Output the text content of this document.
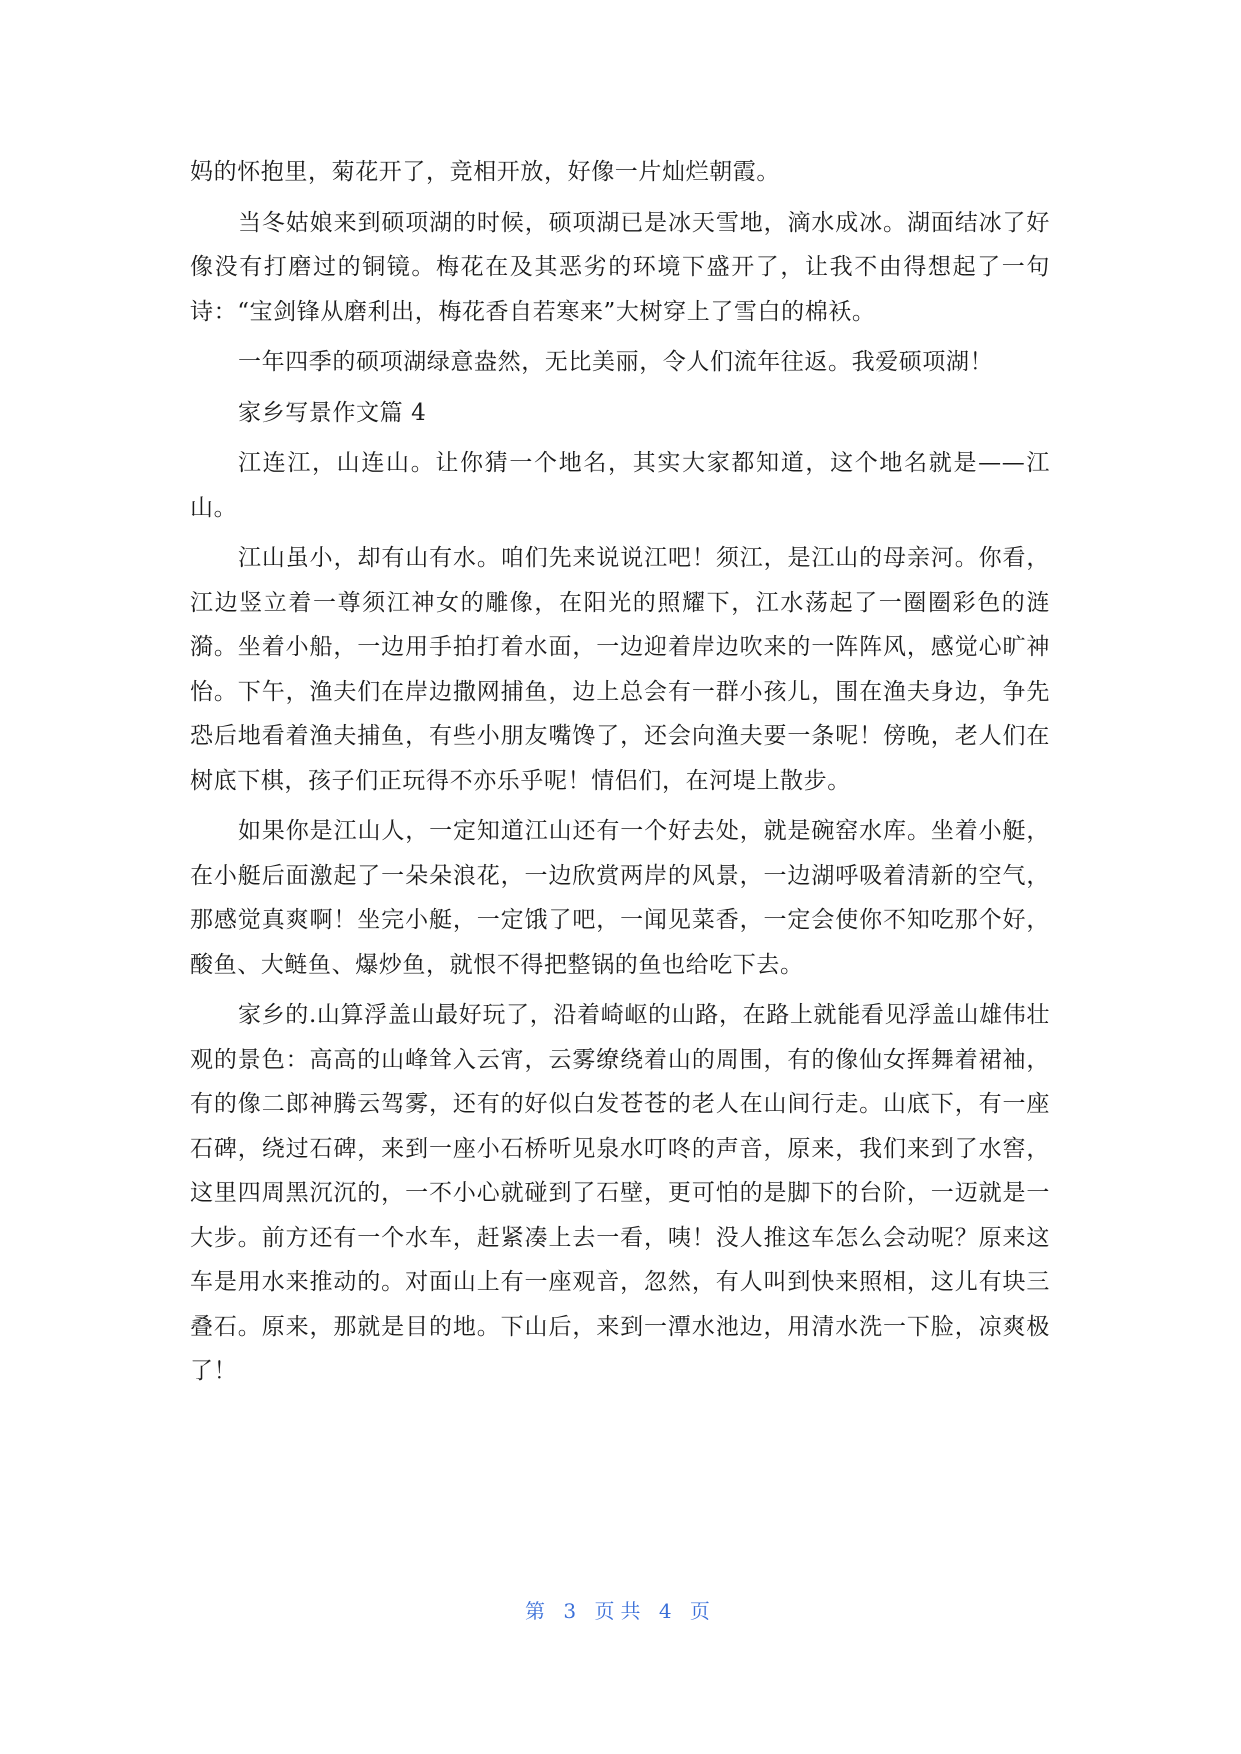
妈的怀抱里，菊花开了，竞相开放，好像一片灿烂朝霞。

当冬姑娘来到硕项湖的时候，硕项湖已是冰天雪地，滴水成冰。湖面结冰了好像没有打磨过的铜镜。梅花在及其恶劣的环境下盛开了，让我不由得想起了一句诗：“宝剑锋从磨利出，梅花香自若寒来”大树穿上了雪白的棉袄。

一年四季的硕项湖绿意盎然，无比美丽，令人们流年往返。我爱硕项湖！

家乡写景作文篇 4

江连江，山连山。让你猜一个地名，其实大家都知道，这个地名就是——江山。

江山虽小，却有山有水。咱们先来说说江吧！须江，是江山的母亲河。你看，江边竖立着一尊须江神女的雕像，在阳光的照耀下，江水荡起了一圈圈彩色的涟漪。坐着小船，一边用手拍打着水面，一边迎着岸边吹来的一阵阵风，感觉心旷神怡。下午，渔夫们在岸边撒网捕鱼，边上总会有一群小孩儿，围在渔夫身边，争先恐后地看着渔夫捕鱼，有些小朋友嘴馋了，还会向渔夫要一条呢！傍晚，老人们在树底下棋，孩子们正玩得不亦乐乎呢！情侣们，在河堤上散步。

如果你是江山人，一定知道江山还有一个好去处，就是碗窑水库。坐着小艇，在小艇后面激起了一朵朵浪花，一边欣赏两岸的风景，一边湖呼吸着清新的空气，那感觉真爽啊！坐完小艇，一定饿了吧，一闻见菜香，一定会使你不知吃那个好，酸鱼、大鲢鱼、爆炒鱼，就恨不得把整锅的鱼也给吃下去。

家乡的.山算浮盖山最好玩了，沿着崎岖的山路，在路上就能看见浮盖山雄伟壮观的景色：高高的山峰耸入云宵，云雾缭绕着山的周围，有的像仙女挥舞着裙袖，有的像二郎神腾云驾雾，还有的好似白发苍苍的老人在山间行走。山底下，有一座石碑，绕过石碑，来到一座小石桥听见泉水叮咚的声音，原来，我们来到了水窖，这里四周黑沉沉的，一不小心就碰到了石壁，更可怕的是脚下的台阶，一迈就是一大步。前方还有一个水车，赶紧凑上去一看，咦！没人推这车怎么会动呢？原来这车是用水来推动的。对面山上有一座观音，忽然，有人叫到快来照相，这儿有块三叠石。原来，那就是目的地。下山后，来到一潭水池边，用清水洗一下脸，凉爽极了！

第 3 页共 4 页
